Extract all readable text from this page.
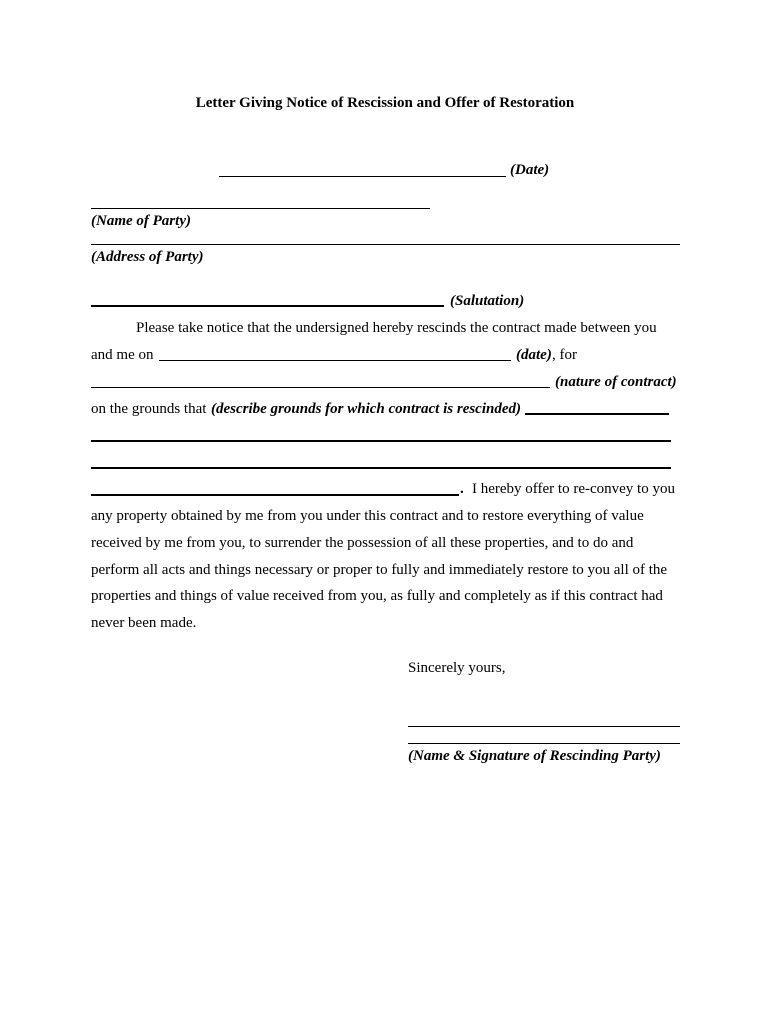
Letter Giving Notice of Rescission and Offer of Restoration
(Date)
(Name of Party)
(Address of Party)
(Salutation)
Please take notice that the undersigned hereby rescinds the contract made between you
and me on	(date) , for
(nature of contract)
on the grounds that (describe grounds for which contract is rescinded)
. I hereby offer to re-convey to you
any property obtained by me from you under this contract and to restore everything of value
received by me from you, to surrender the possession of all these properties, and to do and
perform all acts and things necessary or proper to fully and immediately restore to you all of the
properties and things of value received from you, as fully and completely as if this contract had
never been made.
Sincerely yours,
(Name & Signature of Rescinding Party)
